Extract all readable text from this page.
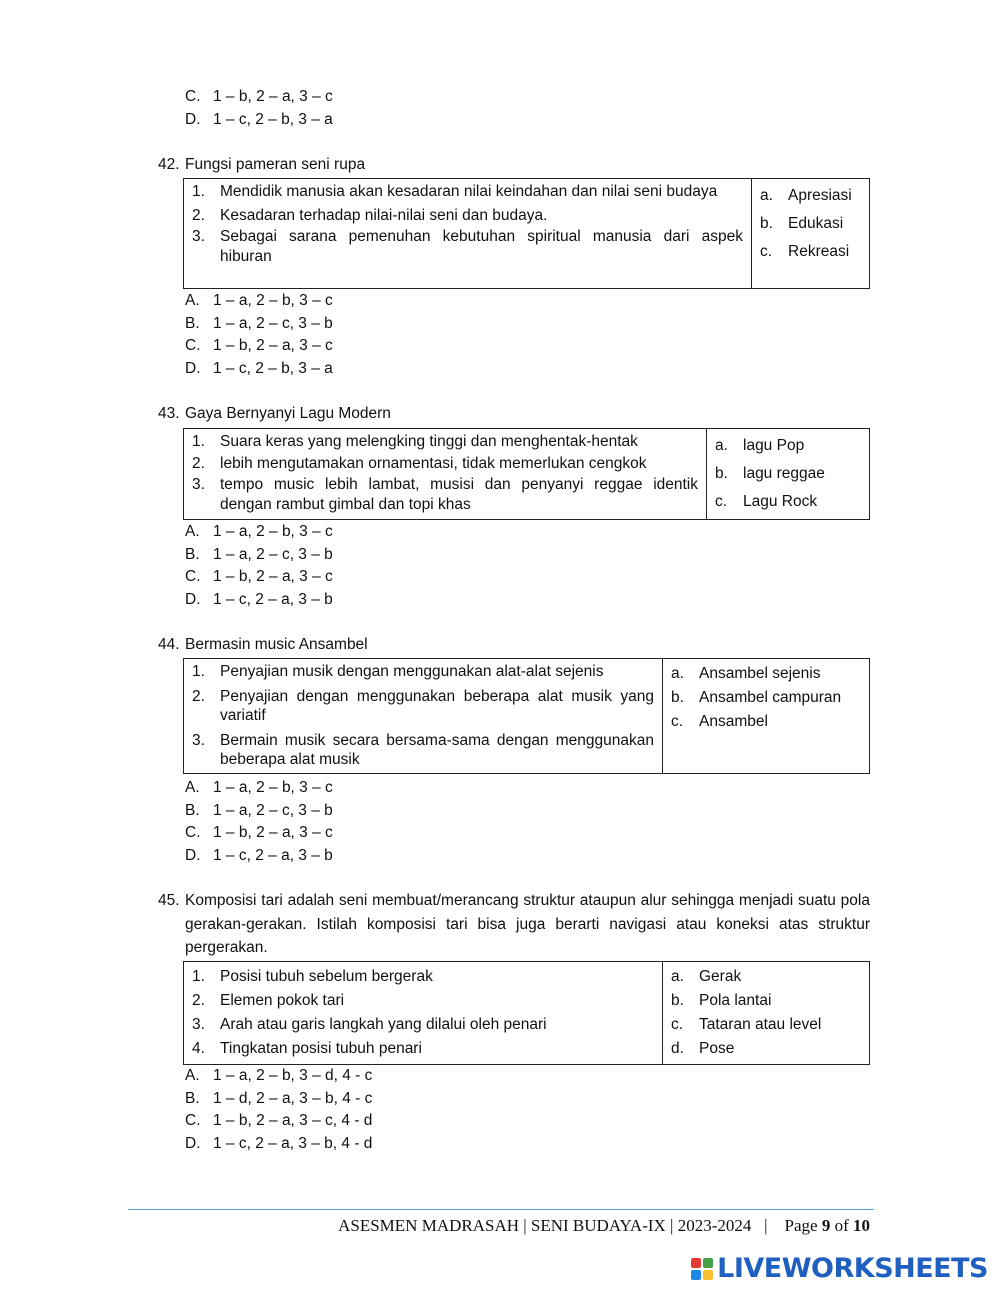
C. 1 – b, 2 – a, 3 – c
D. 1 – c, 2 – b, 3 – a
42. Fungsi pameran seni rupa
1. Mendidik manusia akan kesadaran nilai keindahan dan nilai seni budaya
2. Kesadaran terhadap nilai-nilai seni dan budaya.
3. Sebagai sarana pemenuhan kebutuhan spiritual manusia dari aspek hiburan

a. Apresiasi
b. Edukasi
c.	Rekreasi
A. 1 – a, 2 – b, 3 – c
B. 1 – a, 2 – c, 3 – b
C. 1 – b, 2 – a, 3 – c
D. 1 – c, 2 – b, 3 – a
43. Gaya Bernyanyi Lagu Modern
1. Suara keras yang melengking tinggi dan menghentak-hentak
2. lebih mengutamakan ornamentasi, tidak memerlukan cengkok
3. tempo music lebih lambat, musisi dan penyanyi reggae identik dengan rambut gimbal dan topi khas

a. lagu Pop
b. lagu reggae
c.	Lagu Rock
A. 1 – a, 2 – b, 3 – c
B. 1 – a, 2 – c, 3 – b
C. 1 – b, 2 – a, 3 – c
D. 1 – c, 2 – a, 3 – b
44. Bermasin music Ansambel
1. Penyajian musik dengan menggunakan alat-alat sejenis
2. Penyajian dengan menggunakan beberapa alat musik yang variatif
3. Bermain musik secara bersama-sama dengan menggunakan beberapa alat musik

a. Ansambel sejenis
b. Ansambel campuran
c.	Ansambel
A. 1 – a, 2 – b, 3 – c
B. 1 – a, 2 – c, 3 – b
C. 1 – b, 2 – a, 3 – c
D. 1 – c, 2 – a, 3 – b
45. Komposisi tari adalah seni membuat/merancang struktur ataupun alur sehingga menjadi suatu pola gerakan-gerakan. Istilah komposisi tari bisa juga berarti navigasi atau koneksi atas struktur pergerakan.
1. Posisi tubuh sebelum bergerak
2. Elemen pokok tari
3. Arah atau garis langkah yang dilalui oleh penari
4. Tingkatan posisi tubuh penari

a. Gerak
b. Pola lantai
c.	Tataran atau level
d. Pose
A. 1 – a, 2 – b, 3 – d, 4 - c
B. 1 – d, 2 – a, 3 – b, 4 - c
C. 1 – b, 2 – a, 3 – c, 4 - d
D. 1 – c, 2 – a, 3 – b, 4 - d
ASESMEN MADRASAH | SENI BUDAYA-IX | 2023-2024 | Page 9 of 10
LIVEWORKSHEETS
